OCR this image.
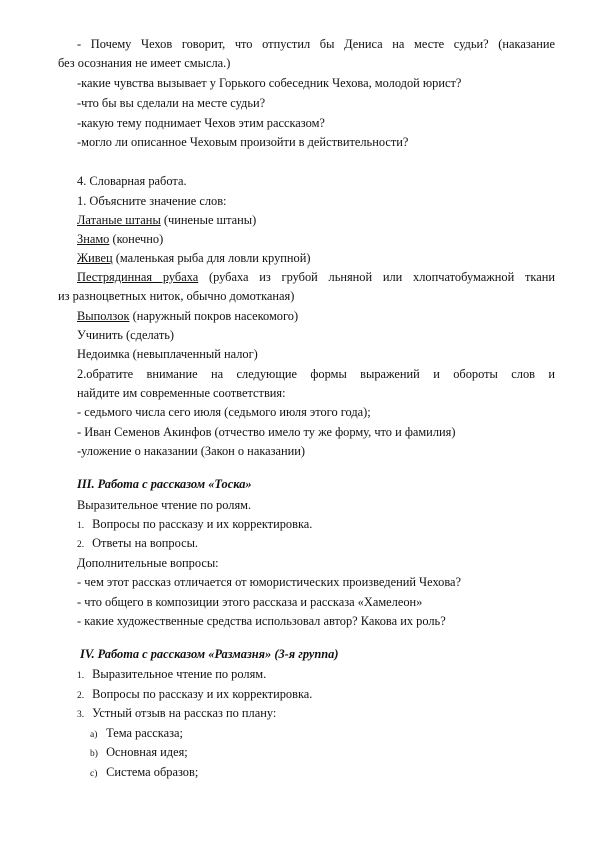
- Почему Чехов говорит, что отпустил бы Дениса на месте судьи? (наказание
без осознания не имеет смысла.)
-какие чувства вызывает у Горького собеседник Чехова, молодой юрист?
-что бы вы сделали на месте судьи?
-какую тему поднимает Чехов этим рассказом?
-могло ли описанное Чеховым произойти в действительности?
4. Словарная работа.
1. Объясните значение слов:
Латаные штаны (чиненые штаны)
Знамо (конечно)
Живец (маленькая рыба для ловли крупной)
Пестрядинная рубаха (рубаха из грубой льняной или хлопчатобумажной ткани
из разноцветных ниток, обычно домотканая)
Выползок (наружный покров насекомого)
Учинить (сделать)
Недоимка (невыплаченный налог)
2.обратите внимание на следующие формы выражений и обороты слов и
найдите им современные соответствия:
- седьмого числа сего июля (седьмого июля этого года);
- Иван Семенов Акинфов (отчество имело ту же форму, что и фамилия)
-уложение о наказании (Закон о наказании)
III. Работа с рассказом «Тоска»
Выразительное чтение по ролям.
1. Вопросы по рассказу и их корректировка.
2. Ответы на вопросы.
Дополнительные вопросы:
- чем этот рассказ отличается от юмористических произведений Чехова?
- что общего в композиции этого рассказа и рассказа «Хамелеон»
- какие художественные средства использовал автор? Какова их роль?
IV. Работа с рассказом «Размазня» (3-я группа)
1. Выразительное чтение по ролям.
2. Вопросы по рассказу и их корректировка.
3. Устный отзыв на рассказ по плану:
a) Тема рассказа;
b) Основная идея;
c) Система образов;
